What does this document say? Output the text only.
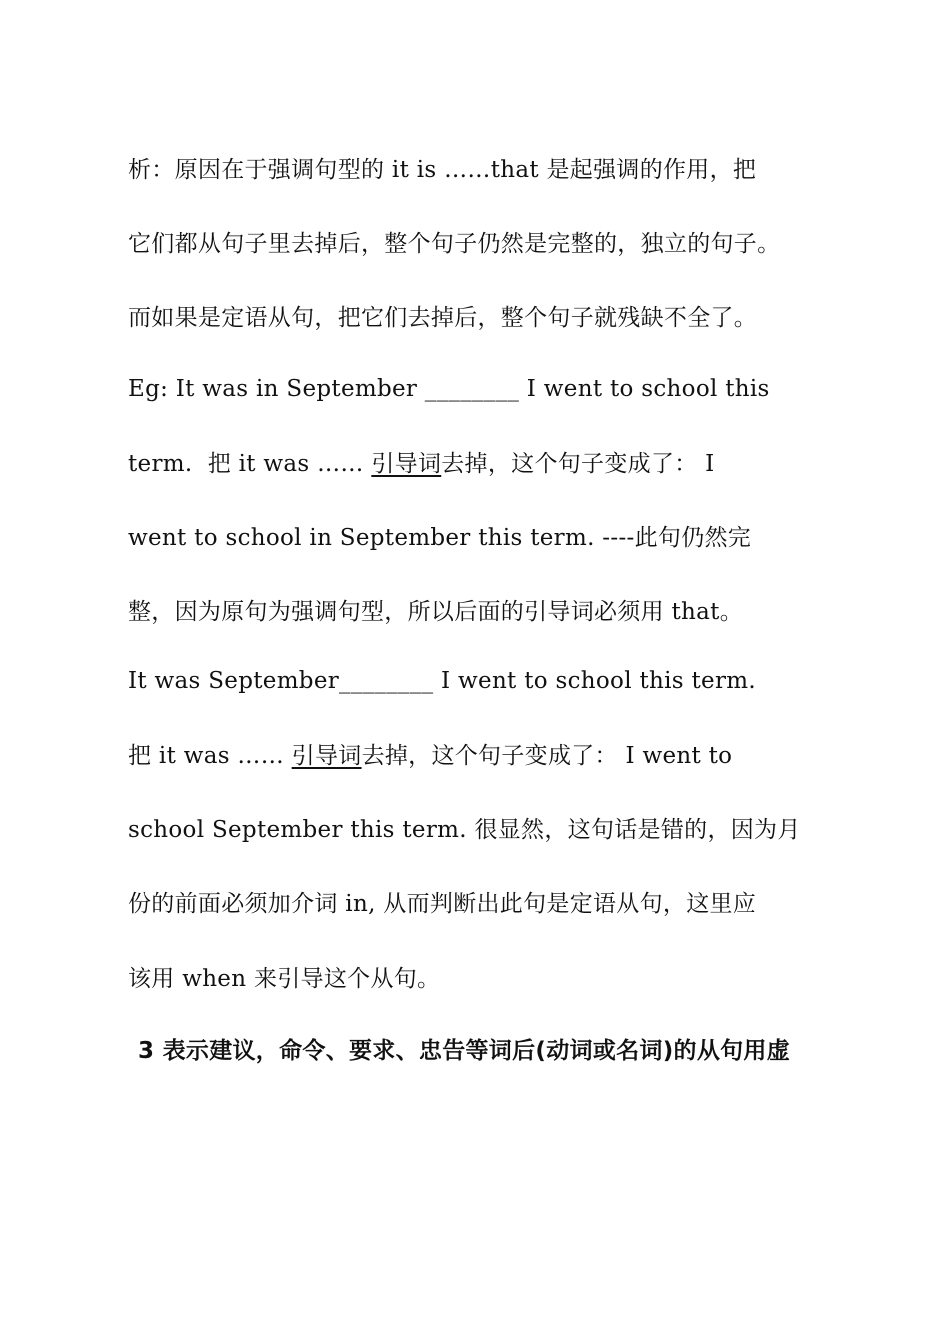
析：原因在于强调句型的 it is ……that 是起强调的作用，把
它们都从句子里去掉后，整个句子仍然是完整的，独立的句子。
而如果是定语从句，把它们去掉后，整个句子就残缺不全了。
Eg: It was in September ________ I went to school this
term.  把 it was …… 引导词去掉，这个句子变成了： I
went to school in September this term. ----此句仍然完
整，因为原句为强调句型，所以后面的引导词必须用 that。
It was September________ I went to school this term.
把 it was …… 引导词去掉，这个句子变成了： I went to
school September this term. 很显然，这句话是错的，因为月
份的前面必须加介词 in, 从而判断出此句是定语从句，这里应
该用 when 来引导这个从句。
3 表示建议，命令、要求、忠告等词后(动词或名词)的从句用虚
